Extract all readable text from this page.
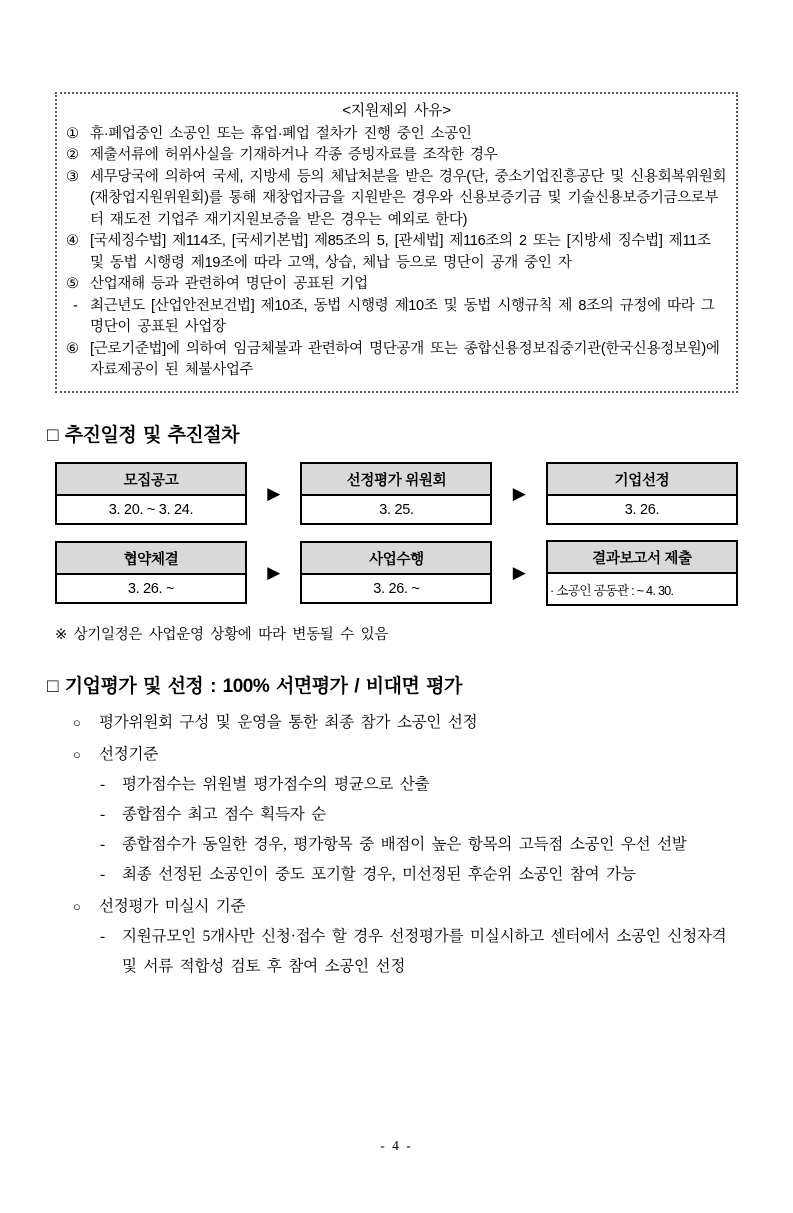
<지원제외 사유>
① 휴·폐업중인 소공인 또는 휴업·폐업 절차가 진행 중인 소공인
② 제출서류에 허위사실을 기재하거나 각종 증빙자료를 조작한 경우
③ 세무당국에 의하여 국세, 지방세 등의 체납처분을 받은 경우(단, 중소기업진흥공단 및 신용회복위원회(재창업지원위원회)를 통해 재창업자금을 지원받은 경우와 신용보증기금 및 기술신용보증기금으로부터 재도전 기업주 재기지원보증을 받은 경우는 예외로 한다)
④ [국세징수법] 제114조, [국세기본법] 제85조의 5, [관세법] 제116조의 2 또는 [지방세 징수법] 제11조 및 동법 시행령 제19조에 따라 고액, 상습, 체납 등으로 명단이 공개 중인 자
⑤ 산업재해 등과 관련하여 명단이 공표된 기업
- 최근년도 [산업안전보건법] 제10조, 동법 시행령 제10조 및 동법 시행규칙 제 8조의 규정에 따라 그 명단이 공표된 사업장
⑥ [근로기준법]에 의하여 임금체불과 관련하여 명단공개 또는 종합신용정보집중기관(한국신용정보원)에 자료제공이 된 체불사업주
□ 추진일정 및 추진절차
모집공고
3. 20. ~ 3. 24.
▶
선정평가 위원회
3. 25.
▶
기업선정
3. 26.
협약체결
3. 26. ~
▶
사업수행
3. 26. ~
▶
결과보고서 제출
· 소공인 공동관 : ~ 4. 30.
※ 상기일정은 사업운영 상황에 따라 변동될 수 있음
□ 기업평가 및 선정 : 100% 서면평가 / 비대면 평가
○	평가위원회 구성 및 운영을 통한 최종 참가 소공인 선정
○	선정기준
-	평가점수는 위원별 평가점수의 평균으로 산출
-	종합점수 최고 점수 획득자 순
-	종합점수가 동일한 경우, 평가항목 중 배점이 높은 항목의 고득점 소공인 우선 선발
-	최종 선정된 소공인이 중도 포기할 경우, 미선정된 후순위 소공인 참여 가능
○	선정평가 미실시 기준
-	지원규모인 5개사만 신청·접수 할 경우 선정평가를 미실시하고 센터에서 소공인 신청자격 및 서류 적합성 검토 후 참여 소공인 선정
- 4 -
